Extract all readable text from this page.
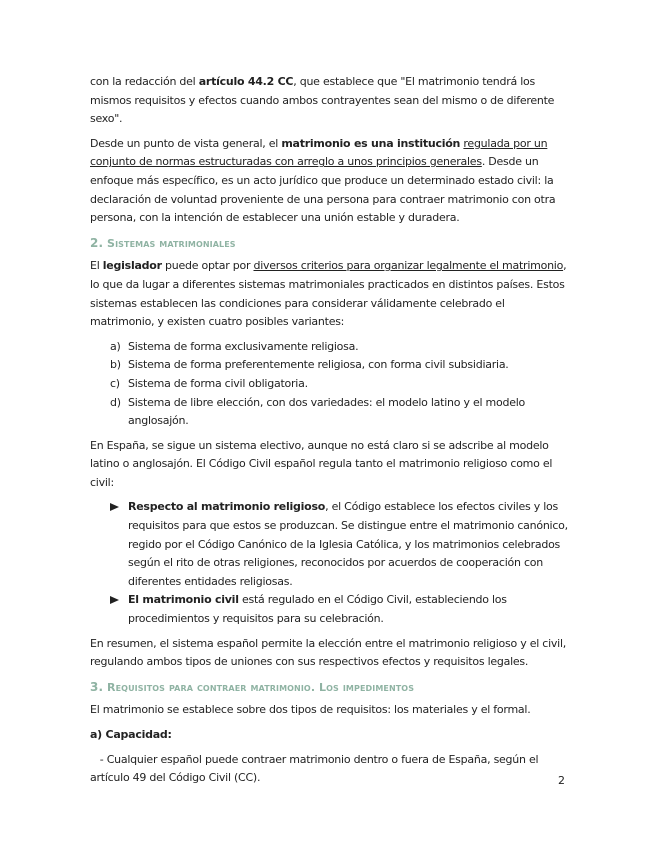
con la redacción del artículo 44.2 CC, que establece que "El matrimonio tendrá los mismos requisitos y efectos cuando ambos contrayentes sean del mismo o de diferente sexo".

Desde un punto de vista general, el matrimonio es una institución regulada por un conjunto de normas estructuradas con arreglo a unos principios generales. Desde un enfoque más específico, es un acto jurídico que produce un determinado estado civil: la declaración de voluntad proveniente de una persona para contraer matrimonio con otra persona, con la intención de establecer una unión estable y duradera.

2. Sistemas matrimoniales

El legislador puede optar por diversos criterios para organizar legalmente el matrimonio, lo que da lugar a diferentes sistemas matrimoniales practicados en distintos países. Estos sistemas establecen las condiciones para considerar válidamente celebrado el matrimonio, y existen cuatro posibles variantes:

a) Sistema de forma exclusivamente religiosa.
b) Sistema de forma preferentemente religiosa, con forma civil subsidiaria.
c) Sistema de forma civil obligatoria.
d) Sistema de libre elección, con dos variedades: el modelo latino y el modelo anglosajón.

En España, se sigue un sistema electivo, aunque no está claro si se adscribe al modelo latino o anglosajón. El Código Civil español regula tanto el matrimonio religioso como el civil:

Respecto al matrimonio religioso, el Código establece los efectos civiles y los requisitos para que estos se produzcan. Se distingue entre el matrimonio canónico, regido por el Código Canónico de la Iglesia Católica, y los matrimonios celebrados según el rito de otras religiones, reconocidos por acuerdos de cooperación con diferentes entidades religiosas.
El matrimonio civil está regulado en el Código Civil, estableciendo los procedimientos y requisitos para su celebración.

En resumen, el sistema español permite la elección entre el matrimonio religioso y el civil, regulando ambos tipos de uniones con sus respectivos efectos y requisitos legales.

3. Requisitos para contraer matrimonio. Los impedimentos

El matrimonio se establece sobre dos tipos de requisitos: los materiales y el formal.

a) Capacidad:

- Cualquier español puede contraer matrimonio dentro o fuera de España, según el artículo 49 del Código Civil (CC).	2
